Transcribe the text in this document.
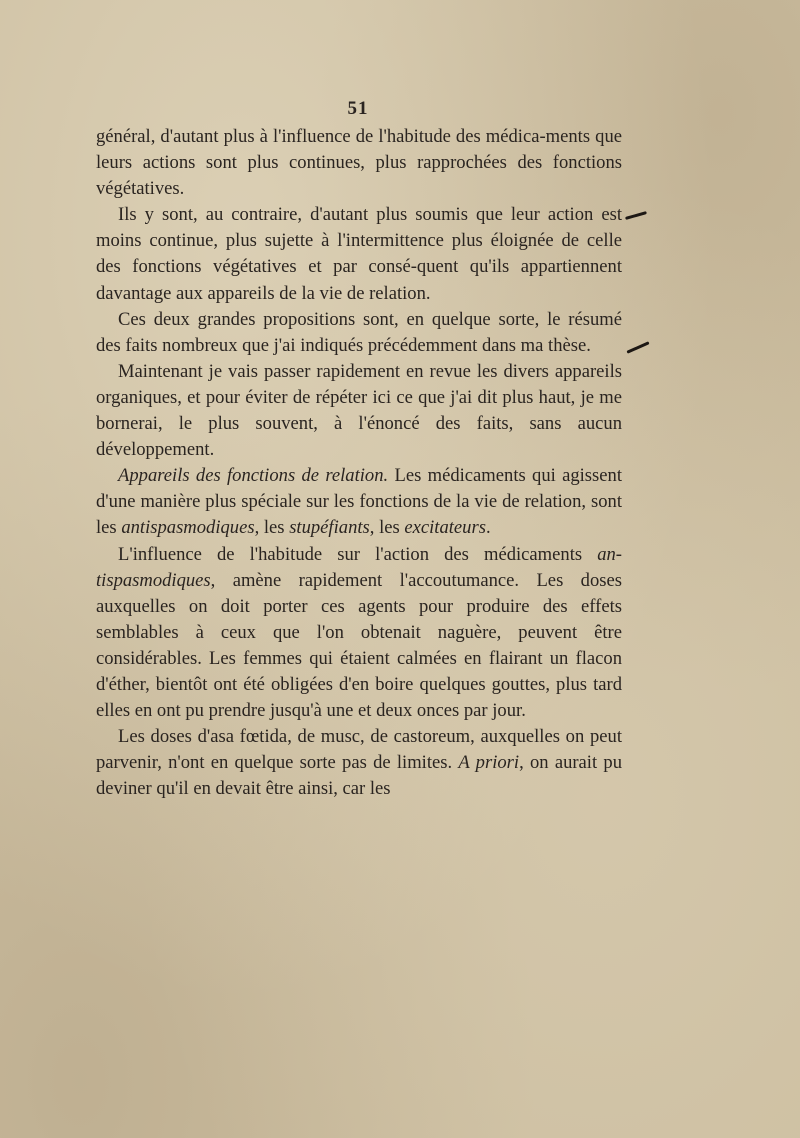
51

général, d'autant plus à l'influence de l'habitude des médica-ments que leurs actions sont plus continues, plus rapprochées des fonctions végétatives.

Ils y sont, au contraire, d'autant plus soumis que leur action est moins continue, plus sujette à l'intermittence plus éloignée de celle des fonctions végétatives et par consé-quent qu'ils appartiennent davantage aux appareils de la vie de relation.

Ces deux grandes propositions sont, en quelque sorte, le résumé des faits nombreux que j'ai indiqués précédemment dans ma thèse.

Maintenant je vais passer rapidement en revue les divers appareils organiques, et pour éviter de répéter ici ce que j'ai dit plus haut, je me bornerai, le plus souvent, à l'énoncé des faits, sans aucun développement.

Appareils des fonctions de relation. Les médicaments qui agissent d'une manière plus spéciale sur les fonctions de la vie de relation, sont les antispasmodiques, les stupéfiants, les excitateurs.

L'influence de l'habitude sur l'action des médicaments an-tispasmodiques, amène rapidement l'accoutumance. Les doses auxquelles on doit porter ces agents pour produire des effets semblables à ceux que l'on obtenait naguère, peuvent être considérables. Les femmes qui étaient calmées en flairant un flacon d'éther, bientôt ont été obligées d'en boire quelques gouttes, plus tard elles en ont pu prendre jusqu'à une et deux onces par jour.

Les doses d'asa fœtida, de musc, de castoreum, auxquelles on peut parvenir, n'ont en quelque sorte pas de limites. A priori, on aurait pu deviner qu'il en devait être ainsi, car les
